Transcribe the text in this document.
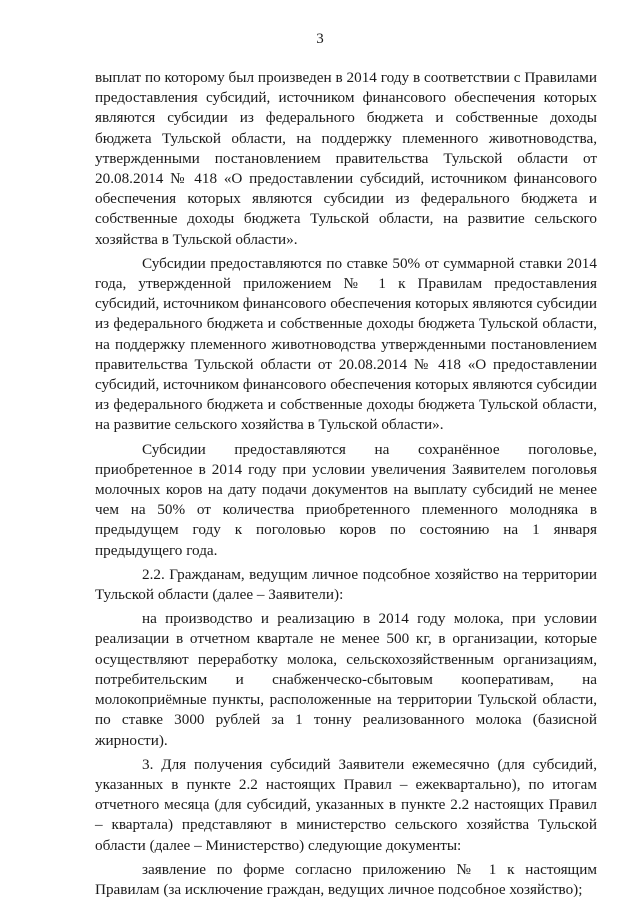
3

выплат по которому был произведен в 2014 году в соответствии с Правилами предоставления субсидий, источником финансового обеспечения которых являются субсидии из федерального бюджета и собственные доходы бюджета Тульской области, на поддержку племенного животноводства, утвержденными постановлением правительства Тульской области от 20.08.2014 № 418 «О предоставлении субсидий, источником финансового обеспечения которых являются субсидии из федерального бюджета и собственные доходы бюджета Тульской области, на развитие сельского хозяйства в Тульской области».

Субсидии предоставляются по ставке 50% от суммарной ставки 2014 года, утвержденной приложением № 1 к Правилам предоставления субсидий, источником финансового обеспечения которых являются субсидии из федерального бюджета и собственные доходы бюджета Тульской области, на поддержку племенного животноводства утвержденными постановлением правительства Тульской области от 20.08.2014 № 418 «О предоставлении субсидий, источником финансового обеспечения которых являются субсидии из федерального бюджета и собственные доходы бюджета Тульской области, на развитие сельского хозяйства в Тульской области».

Субсидии предоставляются на сохранённое поголовье, приобретенное в 2014 году при условии увеличения Заявителем поголовья молочных коров на дату подачи документов на выплату субсидий не менее чем на 50% от количества приобретенного племенного молодняка в предыдущем году к поголовью коров по состоянию на 1 января предыдущего года.

2.2. Гражданам, ведущим личное подсобное хозяйство на территории Тульской области (далее – Заявители):

на производство и реализацию в 2014 году молока, при условии реализации в отчетном квартале не менее 500 кг, в организации, которые осуществляют переработку молока, сельскохозяйственным организациям, потребительским и снабженческо-сбытовым кооперативам, на молокоприёмные пункты, расположенные на территории Тульской области, по ставке 3000 рублей за 1 тонну реализованного молока (базисной жирности).

3. Для получения субсидий Заявители ежемесячно (для субсидий, указанных в пункте 2.2 настоящих Правил – ежеквартально), по итогам отчетного месяца (для субсидий, указанных в пункте 2.2 настоящих Правил – квартала) представляют в министерство сельского хозяйства Тульской области (далее – Министерство) следующие документы:

заявление по форме согласно приложению № 1 к настоящим Правилам (за исключение граждан, ведущих личное подсобное хозяйство);
